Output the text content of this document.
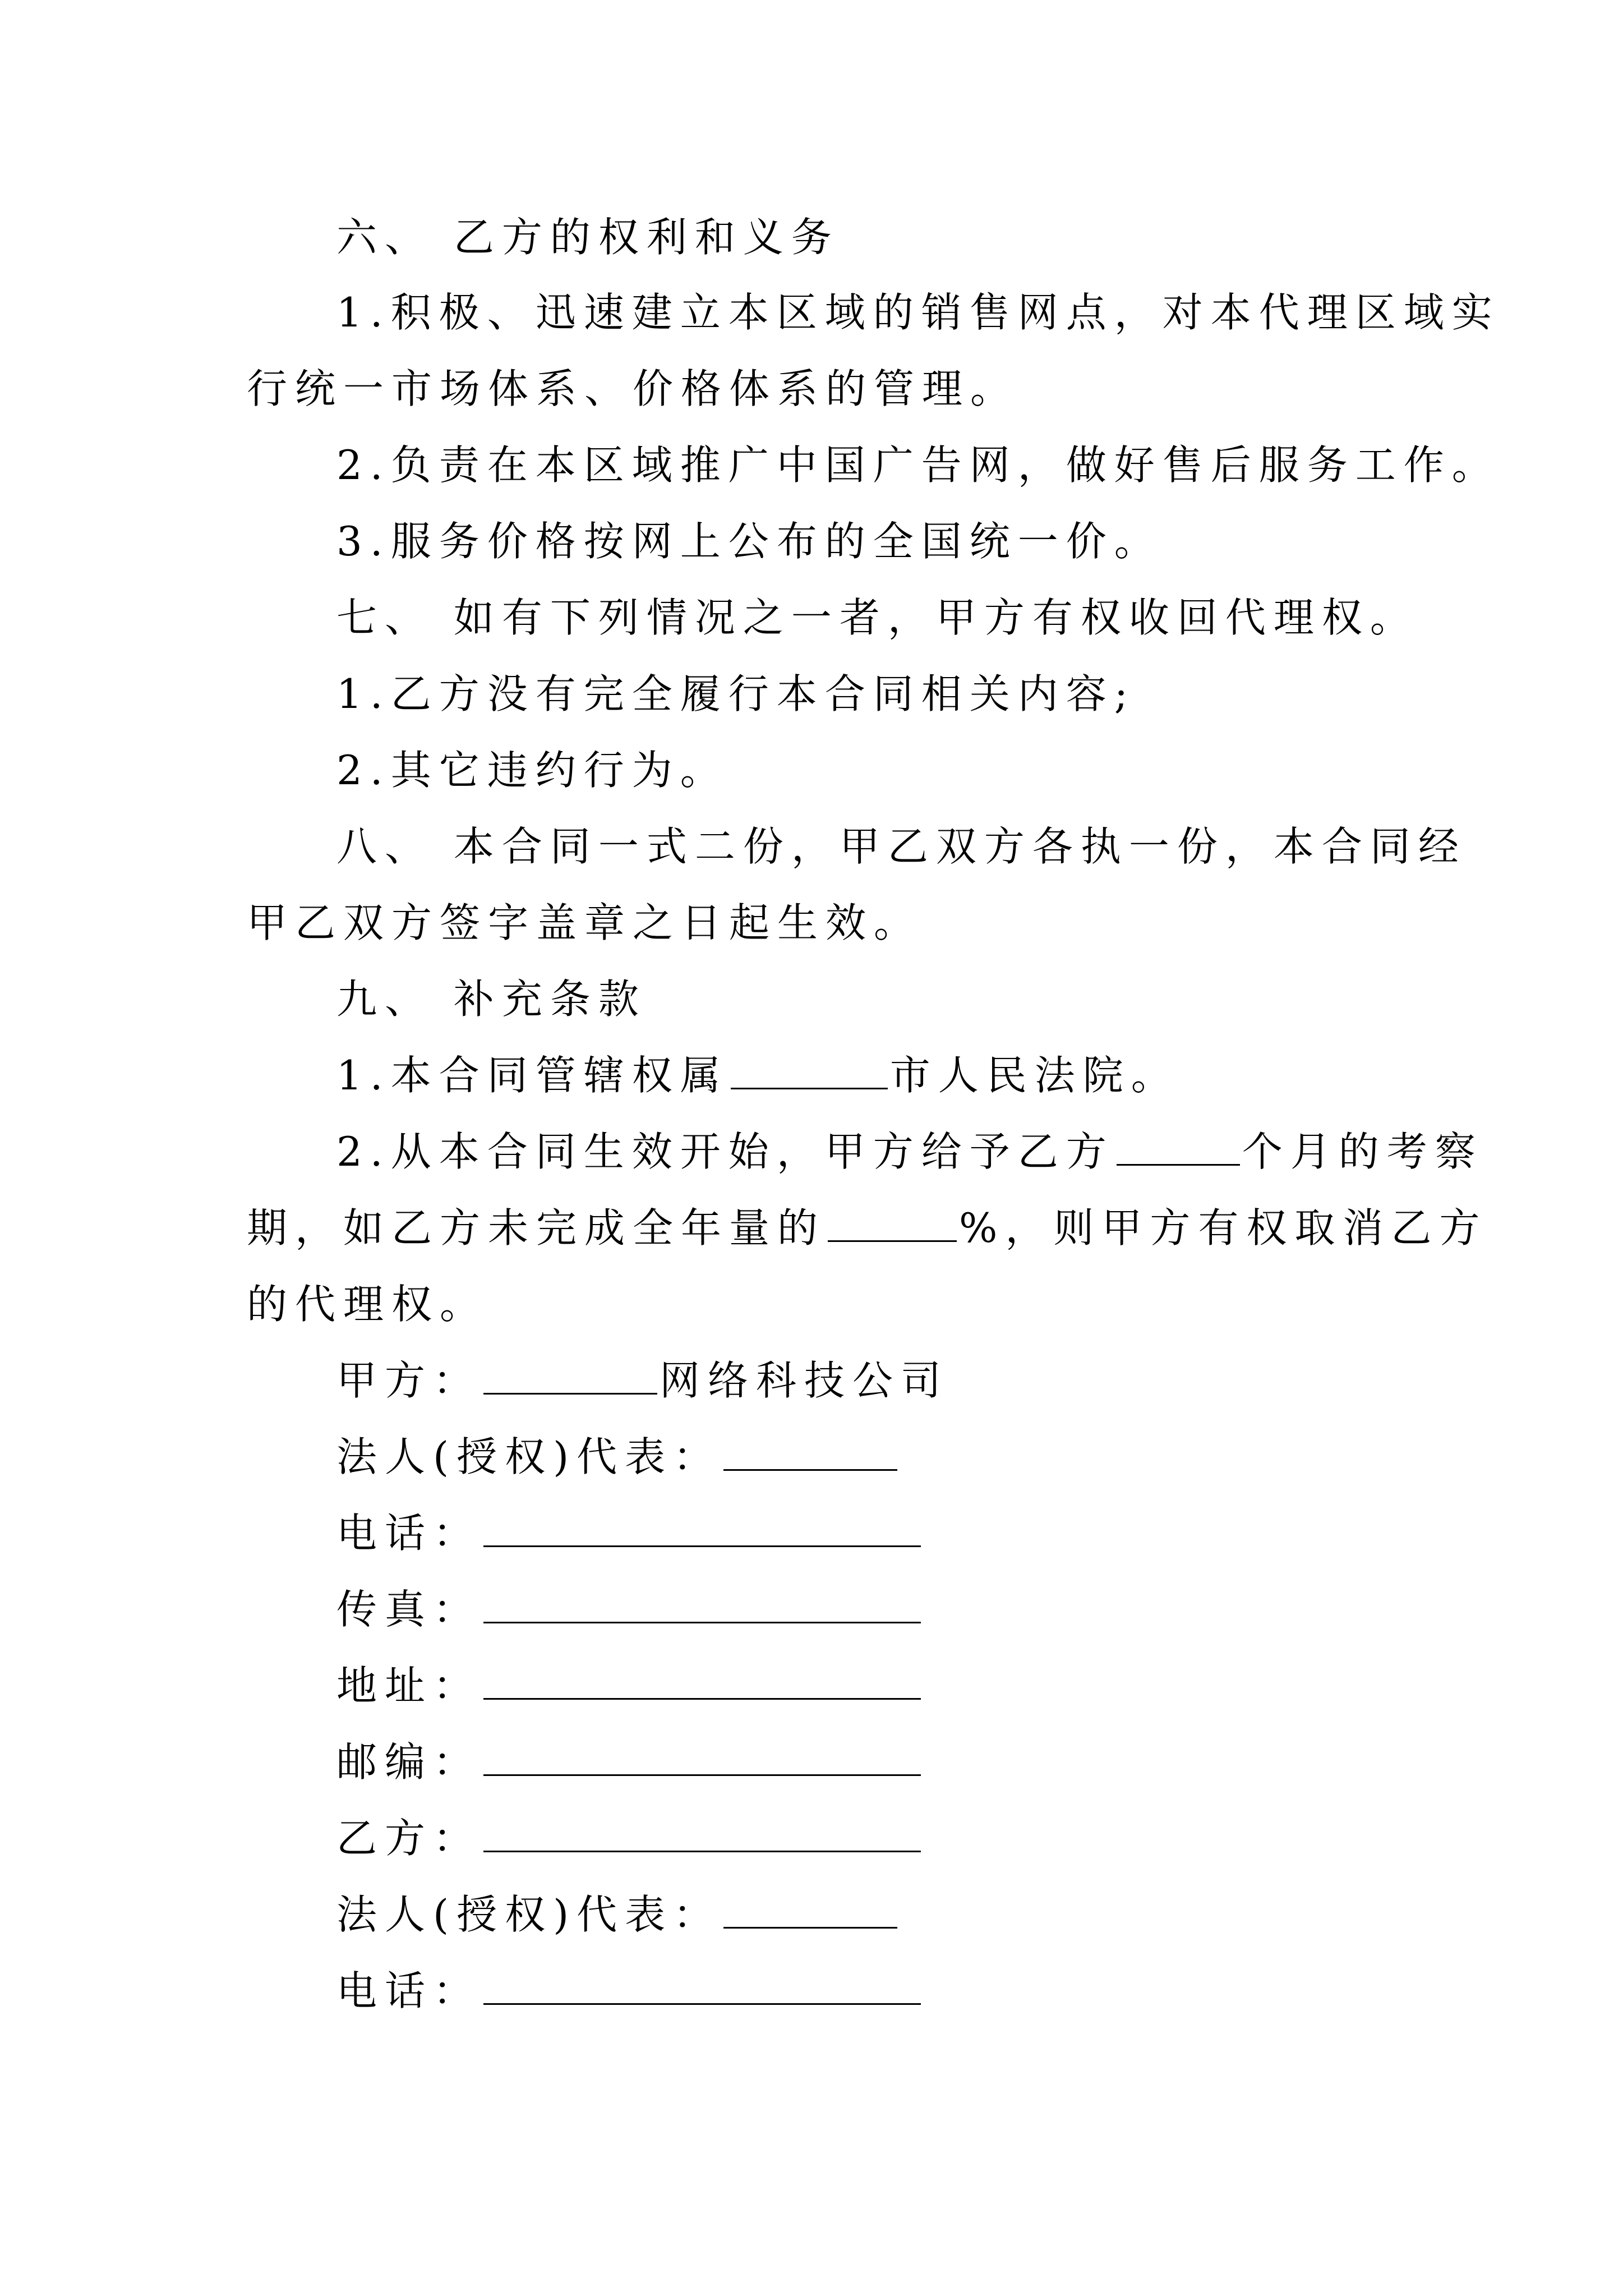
六、 乙方的权利和义务
1.积极、迅速建立本区域的销售网点，对本代理区域实
行统一市场体系、价格体系的管理。
2.负责在本区域推广中国广告网，做好售后服务工作。
3.服务价格按网上公布的全国统一价。
七、 如有下列情况之一者，甲方有权收回代理权。
1.乙方没有完全履行本合同相关内容;
2.其它违约行为。
八、 本合同一式二份，甲乙双方各执一份，本合同经
甲乙双方签字盖章之日起生效。
九、 补充条款
1.本合同管辖权属	市人民法院。
2.从本合同生效开始，甲方给予乙方	个月的考察
期，如乙方未完成全年量的	%，则甲方有权取消乙方
的代理权。
甲方：	网络科技公司
法人(授权)代表：
电话：
传真：
地址：
邮编：
乙方：
法人(授权)代表：
电话：
